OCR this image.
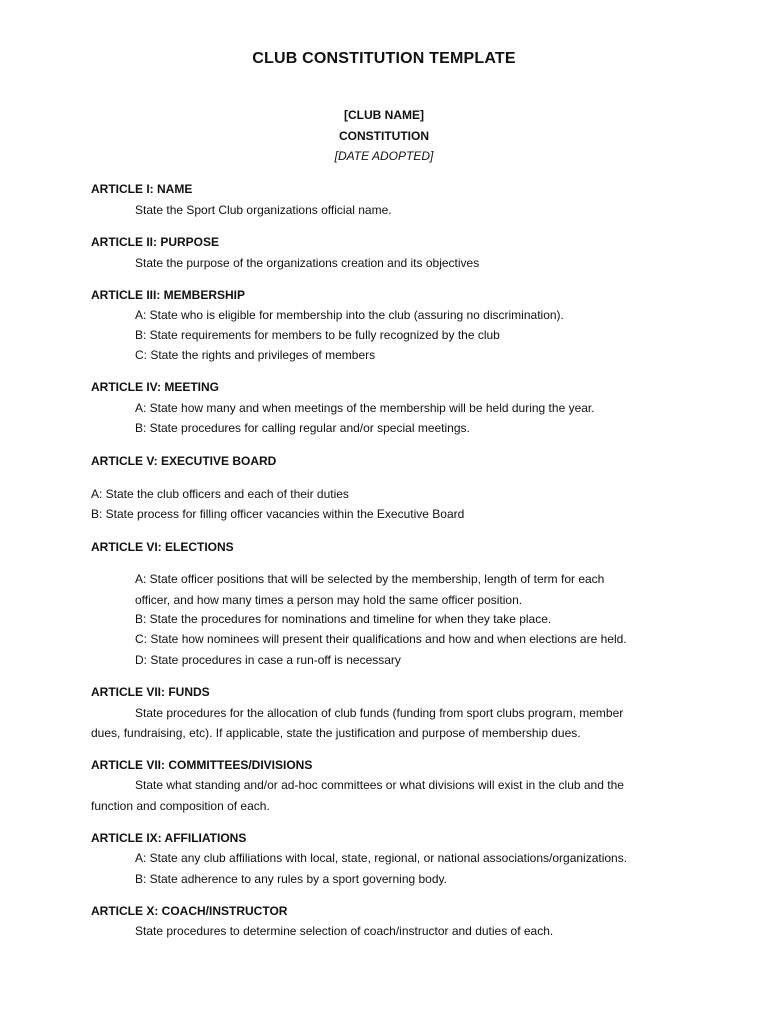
CLUB CONSTITUTION TEMPLATE
[CLUB NAME]
CONSTITUTION
[DATE ADOPTED]
ARTICLE I: NAME
State the Sport Club organizations official name.
ARTICLE II: PURPOSE
State the purpose of the organizations creation and its objectives
ARTICLE III: MEMBERSHIP
A: State who is eligible for membership into the club (assuring no discrimination).
B: State requirements for members to be fully recognized by the club
C: State the rights and privileges of members
ARTICLE IV: MEETING
A: State how many and when meetings of the membership will be held during the year.
B: State procedures for calling regular and/or special meetings.
ARTICLE V: EXECUTIVE BOARD
A: State the club officers and each of their duties
B: State process for filling officer vacancies within the Executive Board
ARTICLE VI: ELECTIONS
A: State officer positions that will be selected by the membership, length of term for each
officer, and how many times a person may hold the same officer position.
B: State the procedures for nominations and timeline for when they take place.
C: State how nominees will present their qualifications and how and when elections are held.
D: State procedures in case a run-off is necessary
ARTICLE VII: FUNDS
State procedures for the allocation of club funds (funding from sport clubs program, member
dues, fundraising, etc). If applicable, state the justification and purpose of membership dues.
ARTICLE VII: COMMITTEES/DIVISIONS
State what standing and/or ad-hoc committees or what divisions will exist in the club and the
function and composition of each.
ARTICLE IX: AFFILIATIONS
A: State any club affiliations with local, state, regional, or national associations/organizations.
B: State adherence to any rules by a sport governing body.
ARTICLE X: COACH/INSTRUCTOR
State procedures to determine selection of coach/instructor and duties of each.
